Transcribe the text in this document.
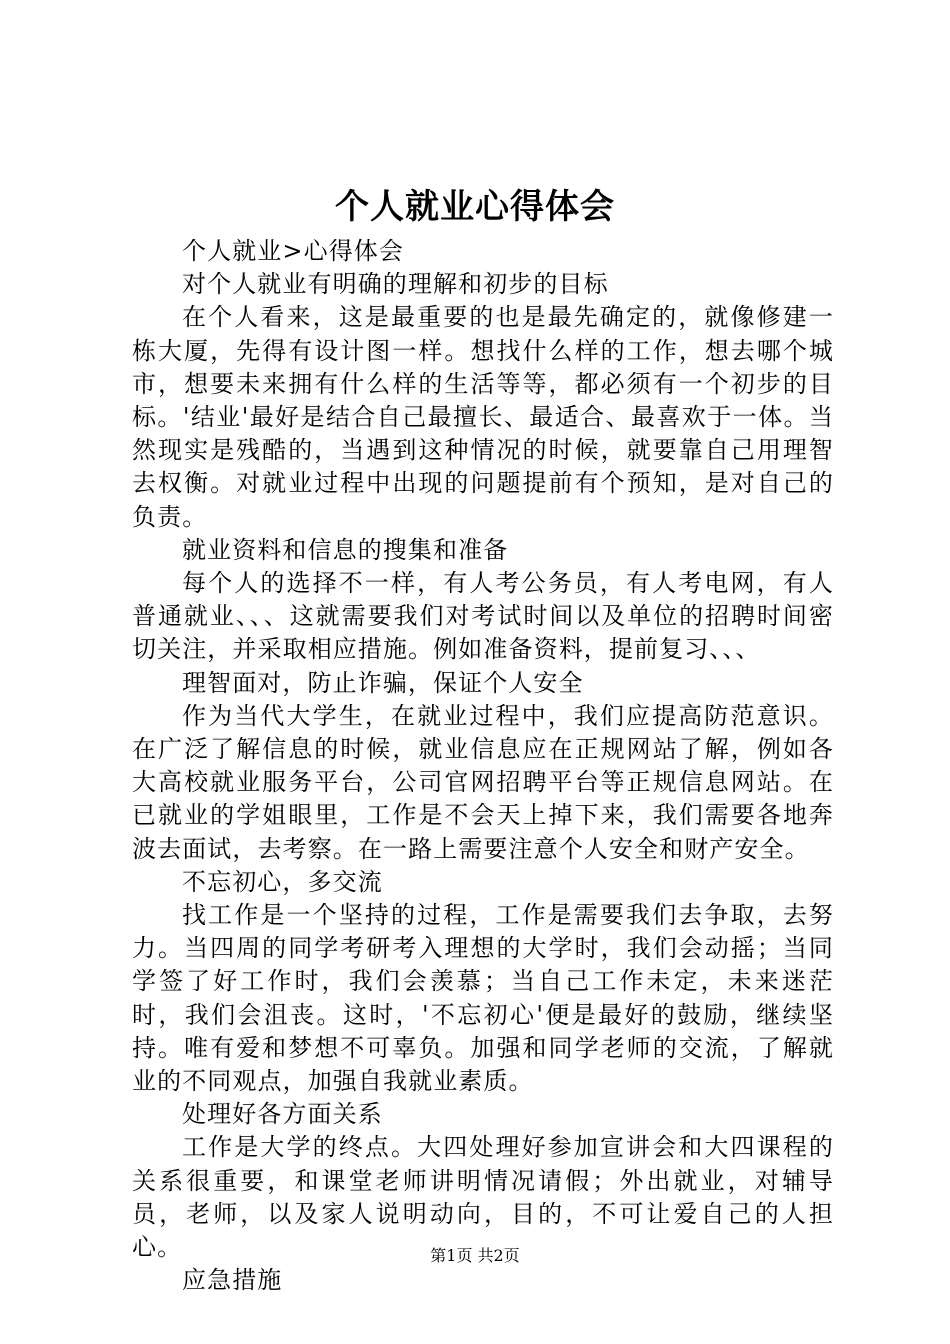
个人就业心得体会

个人就业>心得体会

对个人就业有明确的理解和初步的目标

在个人看来，这是最重要的也是最先确定的，就像修建一栋大厦，先得有设计图一样。想找什么样的工作，想去哪个城市，想要未来拥有什么样的生活等等，都必须有一个初步的目标。'结业'最好是结合自己最擅长、最适合、最喜欢于一体。当然现实是残酷的，当遇到这种情况的时候，就要靠自己用理智去权衡。对就业过程中出现的问题提前有个预知，是对自己的负责。

就业资料和信息的搜集和准备

每个人的选择不一样，有人考公务员，有人考电网，有人普通就业、、、这就需要我们对考试时间以及单位的招聘时间密切关注，并采取相应措施。例如准备资料，提前复习、、、

理智面对，防止诈骗，保证个人安全

作为当代大学生，在就业过程中，我们应提高防范意识。在广泛了解信息的时候，就业信息应在正规网站了解，例如各大高校就业服务平台，公司官网招聘平台等正规信息网站。在已就业的学姐眼里，工作是不会天上掉下来，我们需要各地奔波去面试，去考察。在一路上需要注意个人安全和财产安全。

不忘初心，多交流

找工作是一个坚持的过程，工作是需要我们去争取，去努力。当四周的同学考研考入理想的大学时，我们会动摇；当同学签了好工作时，我们会羡慕；当自己工作未定，未来迷茫时，我们会沮丧。这时，'不忘初心'便是最好的鼓励，继续坚持。唯有爱和梦想不可辜负。加强和同学老师的交流，了解就业的不同观点，加强自我就业素质。

处理好各方面关系

工作是大学的终点。大四处理好参加宣讲会和大四课程的关系很重要，和课堂老师讲明情况请假；外出就业，对辅导员，老师，以及家人说明动向，目的，不可让爱自己的人担心。

应急措施

第1页 共2页
